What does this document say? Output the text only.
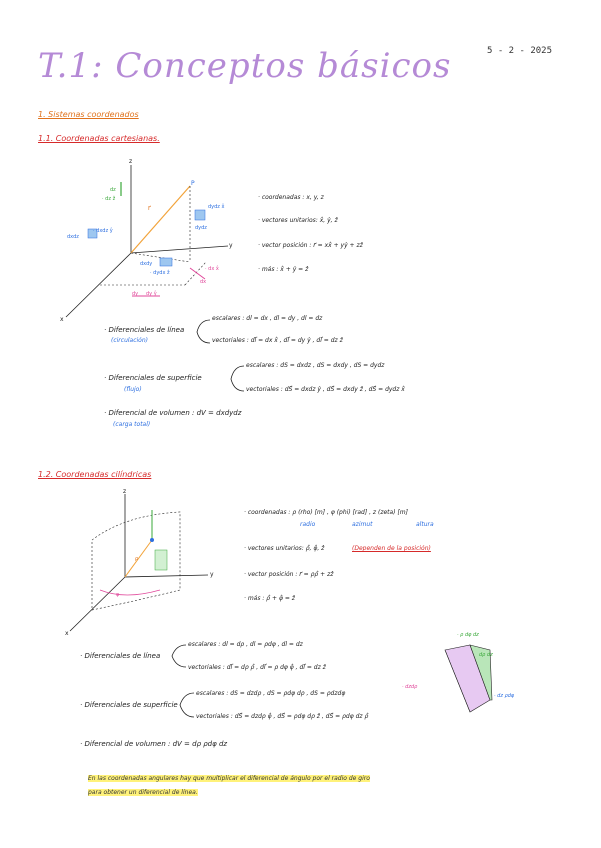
T.1: Conceptos básicos	5 - 2 - 2025
1. Sistemas coordenados
1.1. Coordenadas cartesianas.
z
y
x
P
r⃗
dz
· dz ẑ
dydz x̂
dydz
dxdz
· dxdz ŷ
dxdy
· dydx ẑ
· dx x̂
dx
dy dy ŷ
· coordenadas : x, y, z
· vectores unitarios: x̂, ŷ, ẑ
· vector posición : r⃗ = xx̂ + yŷ + zẑ
· más : x̂ + ŷ = ẑ
· Diferenciales de línea
(circulación)
escalares : dl = dx , dl = dy , dl = dz
vectoriales : dl⃗ = dx x̂ , dl⃗ = dy ŷ , dl⃗ = dz ẑ
· Diferenciales de superficie
(flujo)
escalares : dS = dxdz , dS = dxdy , dS = dydz
vectoriales : dS⃗ = dxdz ŷ , dS⃗ = dxdy ẑ , dS⃗ = dydz x̂
· Diferencial de volumen : dV = dxdydz
(carga total)
1.2. Coordenadas cilíndricas
z
y
x
φ
ρ
· coordenadas : ρ (rho) [m] , φ (phi) [rad] , z (zeta) [m]
radio	azimut	altura
· vectores unitarios: ρ̂, φ̂, ẑ	(Dependen de la posición)
· vector posición : r⃗ = ρρ̂ + zẑ
· más : ρ̂ + φ̂ = ẑ
· ρ dφ dz
dρ dz
· dzdρ
· dz ρdφ
· Diferenciales de línea
escalares : dl = dρ , dl = ρdφ , dl = dz
vectoriales : dl⃗ = dρ ρ̂ , dl⃗ = ρ dφ φ̂ , dl⃗ = dz ẑ
· Diferenciales de superficie
escalares : dS = dzdρ , dS = ρdφ dρ , dS = ρdzdφ
vectoriales : dS⃗ = dzdρ φ̂ , dS⃗ = ρdφ dρ ẑ , dS⃗ = ρdφ dz ρ̂
· Diferencial de volumen : dV = dρ ρdφ dz
En las coordenadas angulares hay que multiplicar el diferencial de ángulo por el radio de giro
para obtener un diferencial de línea.
